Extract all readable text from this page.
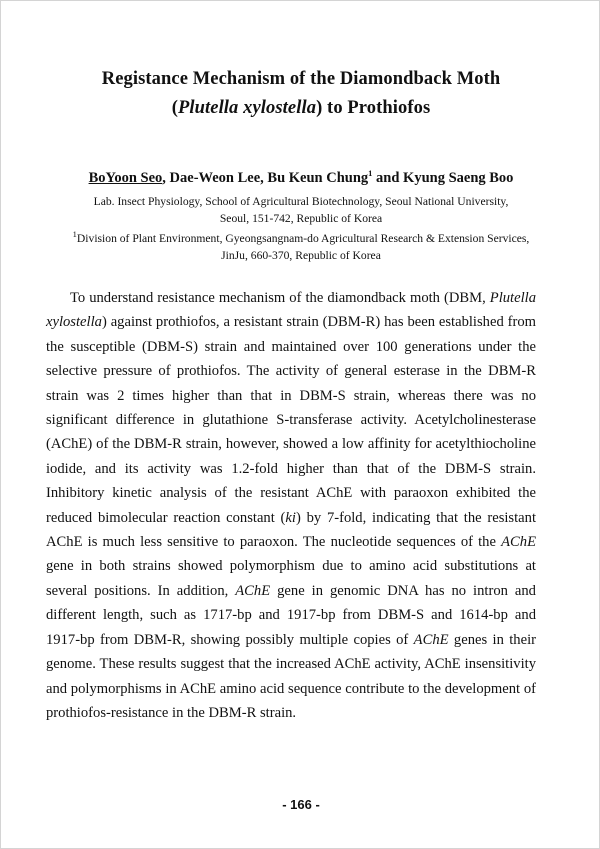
Registance Mechanism of the Diamondback Moth

(Plutella xylostella) to Prothiofos

BoYoon Seo, Dae-Weon Lee, Bu Keun Chung$^1$ and Kyung Saeng Boo
Lab. Insect Physiology, School of Agricultural Biotechnology, Seoul National University,
Seoul, 151-742, Republic of Korea
$^1$Division of Plant Environment, Gyeongsangnam-do Agricultural Research & Extension Services,
JinJu, 660-370, Republic of Korea

To understand resistance mechanism of the diamondback moth (DBM, Plutella xylostella) against prothiofos, a resistant strain (DBM-R) has been established from the susceptible (DBM-S) strain and maintained over 100 generations under the selective pressure of prothiofos. The activity of general esterase in the DBM-R strain was 2 times higher than that in DBM-S strain, whereas there was no significant difference in glutathione S-transferase activity. Acetylcholinesterase (AChE) of the DBM-R strain, however, showed a low affinity for acetylthiocholine iodide, and its activity was 1.2-fold higher than that of the DBM-S strain. Inhibitory kinetic analysis of the resistant AChE with paraoxon exhibited the reduced bimolecular reaction constant (ki) by 7-fold, indicating that the resistant AChE is much less sensitive to paraoxon. The nucleotide sequences of the AChE gene in both strains showed polymorphism due to amino acid substitutions at several positions. In addition, AChE gene in genomic DNA has no intron and different length, such as 1717-bp and 1917-bp from DBM-S and 1614-bp and 1917-bp from DBM-R, showing possibly multiple copies of AChE genes in their genome. These results suggest that the increased AChE activity, AChE insensitivity and polymorphisms in AChE amino acid sequence contribute to the development of prothiofos-resistance in the DBM-R strain.

- 166 -
